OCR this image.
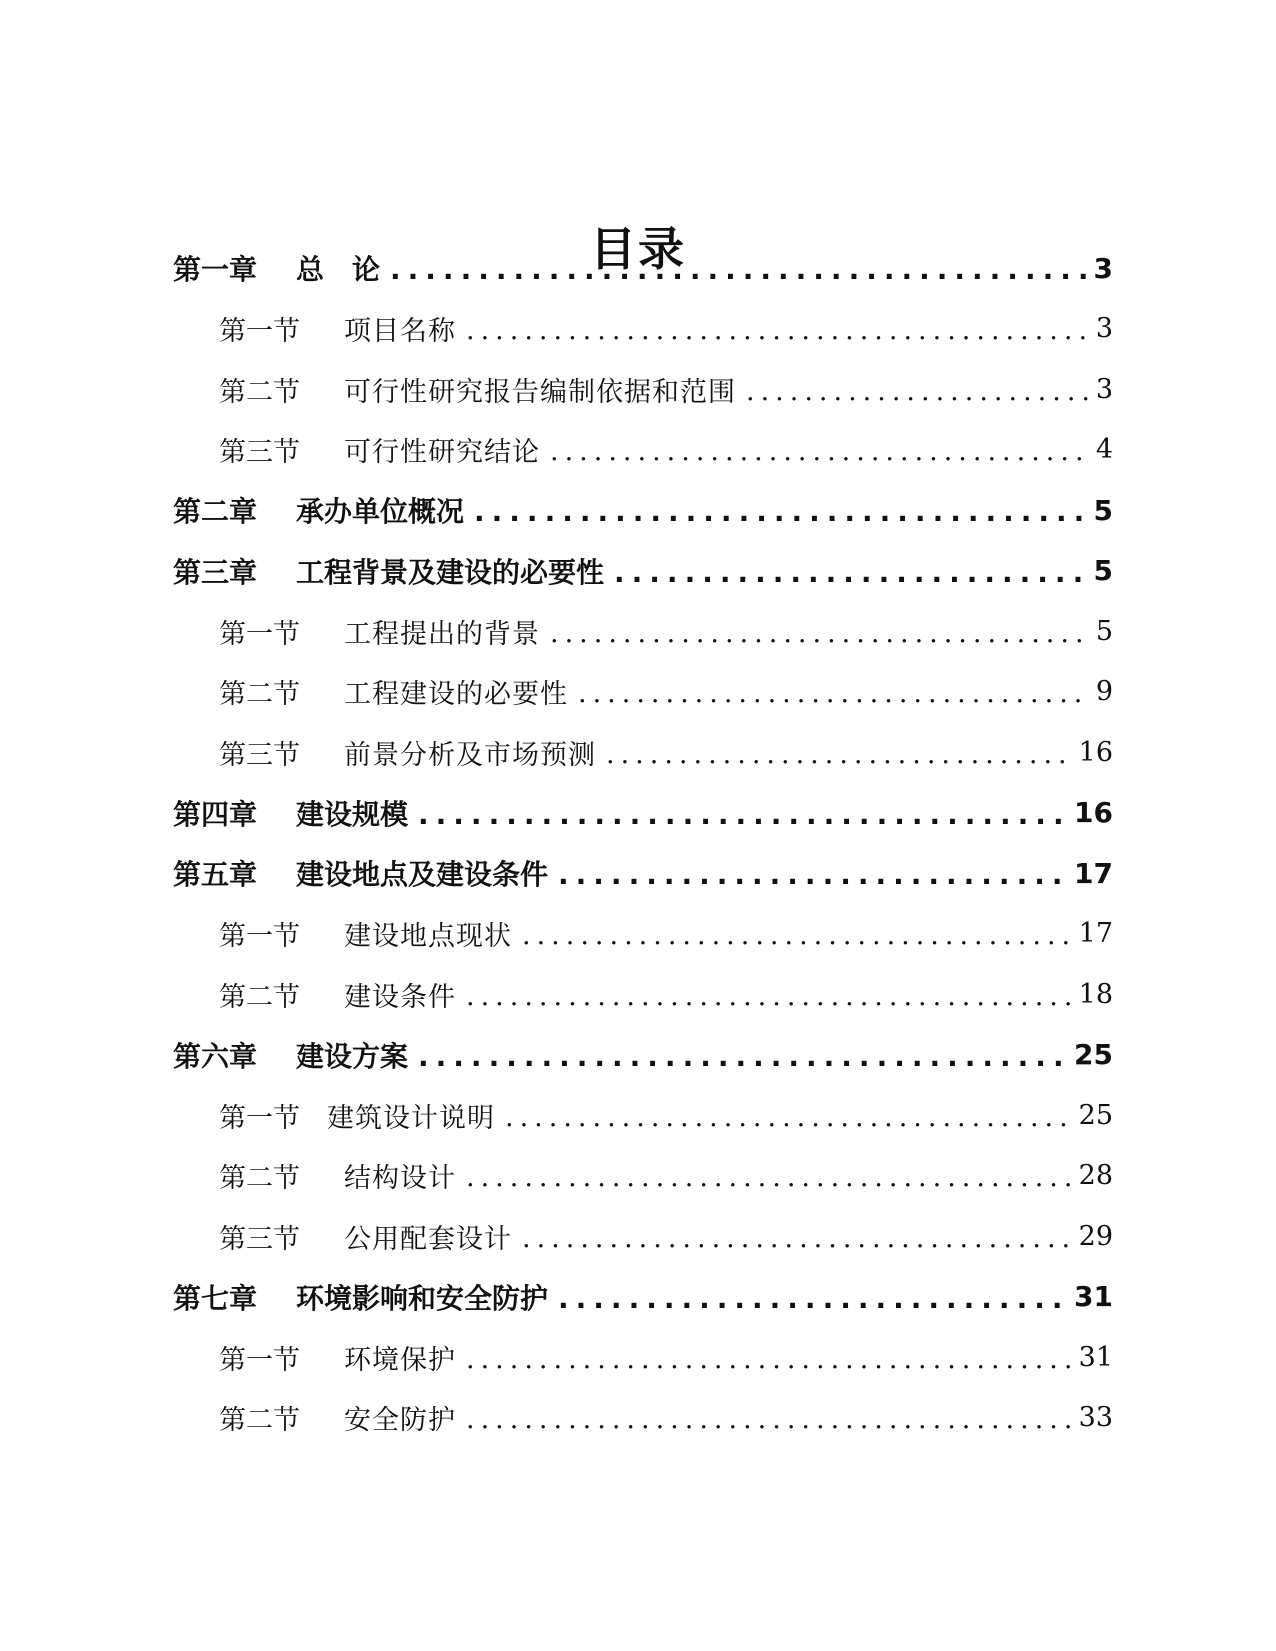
目录
第一章	总　论 .....	3
第一节	项目名称 .....	3
第二节	可行性研究报告编制依据和范围 .....	3
第三节	可行性研究结论 .....	4
第二章	承办单位概况 .....	5
第三章	工程背景及建设的必要性 .....	5
第一节	工程提出的背景 .....	5
第二节	工程建设的必要性 .....	9
第三节	前景分析及市场预测 .....	16
第四章	建设规模 .....	16
第五章	建设地点及建设条件 .....	17
第一节	建设地点现状 .....	17
第二节	建设条件 .....	18
第六章	建设方案 .....	25
第一节	建筑设计说明 .....	25
第二节	结构设计 .....	28
第三节	公用配套设计 .....	29
第七章	环境影响和安全防护 .....	31
第一节	环境保护 .....	31
第二节	安全防护 .....	33
